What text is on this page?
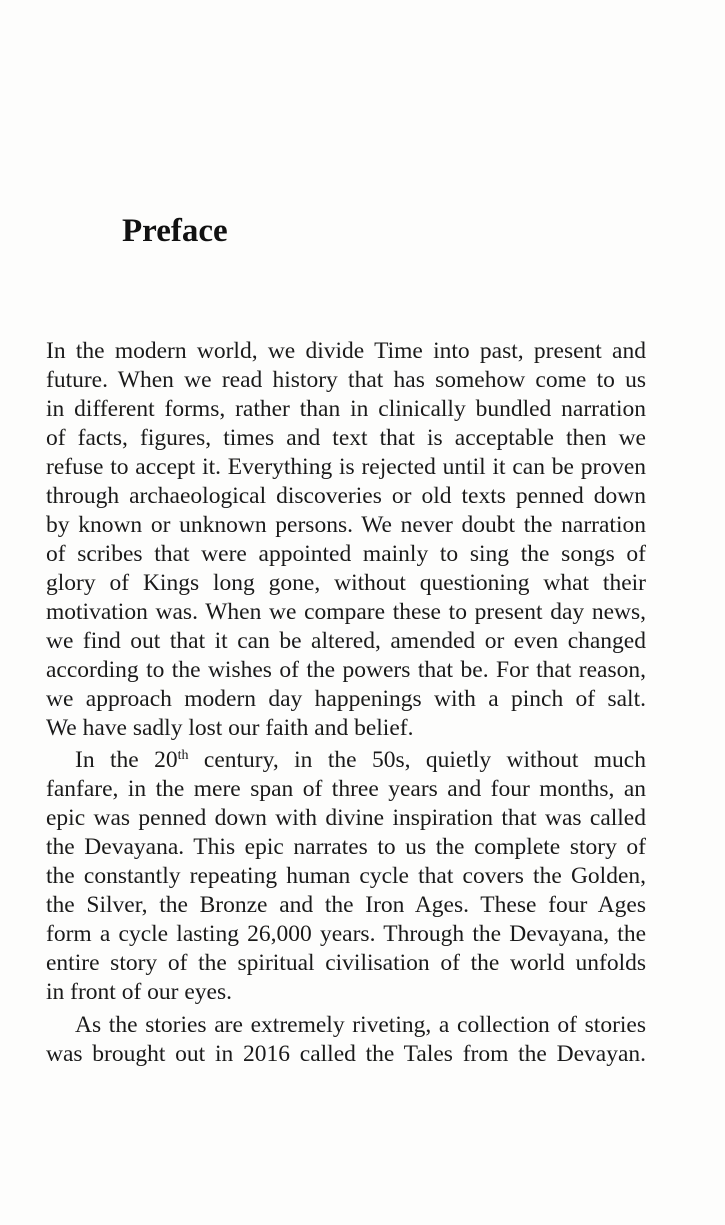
Preface
In the modern world, we divide Time into past, present and
future. When we read history that has somehow come to us
in different forms, rather than in clinically bundled narration
of facts, figures, times and text that is acceptable then we
refuse to accept it. Everything is rejected until it can be proven
through archaeological discoveries or old texts penned down
by known or unknown persons. We never doubt the narration
of scribes that were appointed mainly to sing the songs of
glory of Kings long gone, without questioning what their
motivation was. When we compare these to present day news,
we find out that it can be altered, amended or even changed
according to the wishes of the powers that be. For that reason,
we approach modern day happenings with a pinch of salt.
We have sadly lost our faith and belief.
In the 20th century, in the 50s, quietly without much
fanfare, in the mere span of three years and four months, an
epic was penned down with divine inspiration that was called
the Devayana. This epic narrates to us the complete story of
the constantly repeating human cycle that covers the Golden,
the Silver, the Bronze and the Iron Ages. These four Ages
form a cycle lasting 26,000 years. Through the Devayana, the
entire story of the spiritual civilisation of the world unfolds
in front of our eyes.
As the stories are extremely riveting, a collection of stories
was brought out in 2016 called the Tales from the Devayan.
